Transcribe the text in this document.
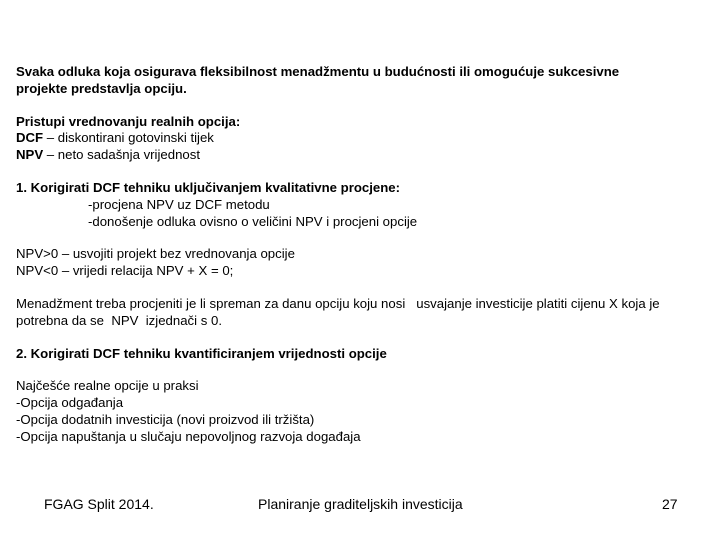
Svaka odluka koja osigurava fleksibilnost menadžmentu u budućnosti ili omogućuje sukcesivne
projekte predstavlja opciju.
Pristupi vrednovanju realnih opcija:
DCF – diskontirani gotovinski tijek
NPV – neto sadašnja vrijednost
1. Korigirati DCF tehniku uključivanjem kvalitativne procjene:
-procjena NPV uz DCF metodu
-donošenje odluka ovisno o veličini NPV i procjeni opcije
NPV>0 – usvojiti projekt bez vrednovanja opcije
NPV<0 – vrijedi relacija NPV + X = 0;
Menadžment treba procjeniti je li spreman za danu opciju koju nosi   usvajanje investicije platiti cijenu X koja je
potrebna da se  NPV  izjednači s 0.
2. Korigirati DCF tehniku kvantificiranjem vrijednosti opcije
Najčešće realne opcije u praksi
-Opcija odgađanja
-Opcija dodatnih investicija (novi proizvod ili tržišta)
-Opcija napuštanja u slučaju nepovoljnog razvoja događaja
FGAG Split 2014.	Planiranje graditeljskih investicija	27
